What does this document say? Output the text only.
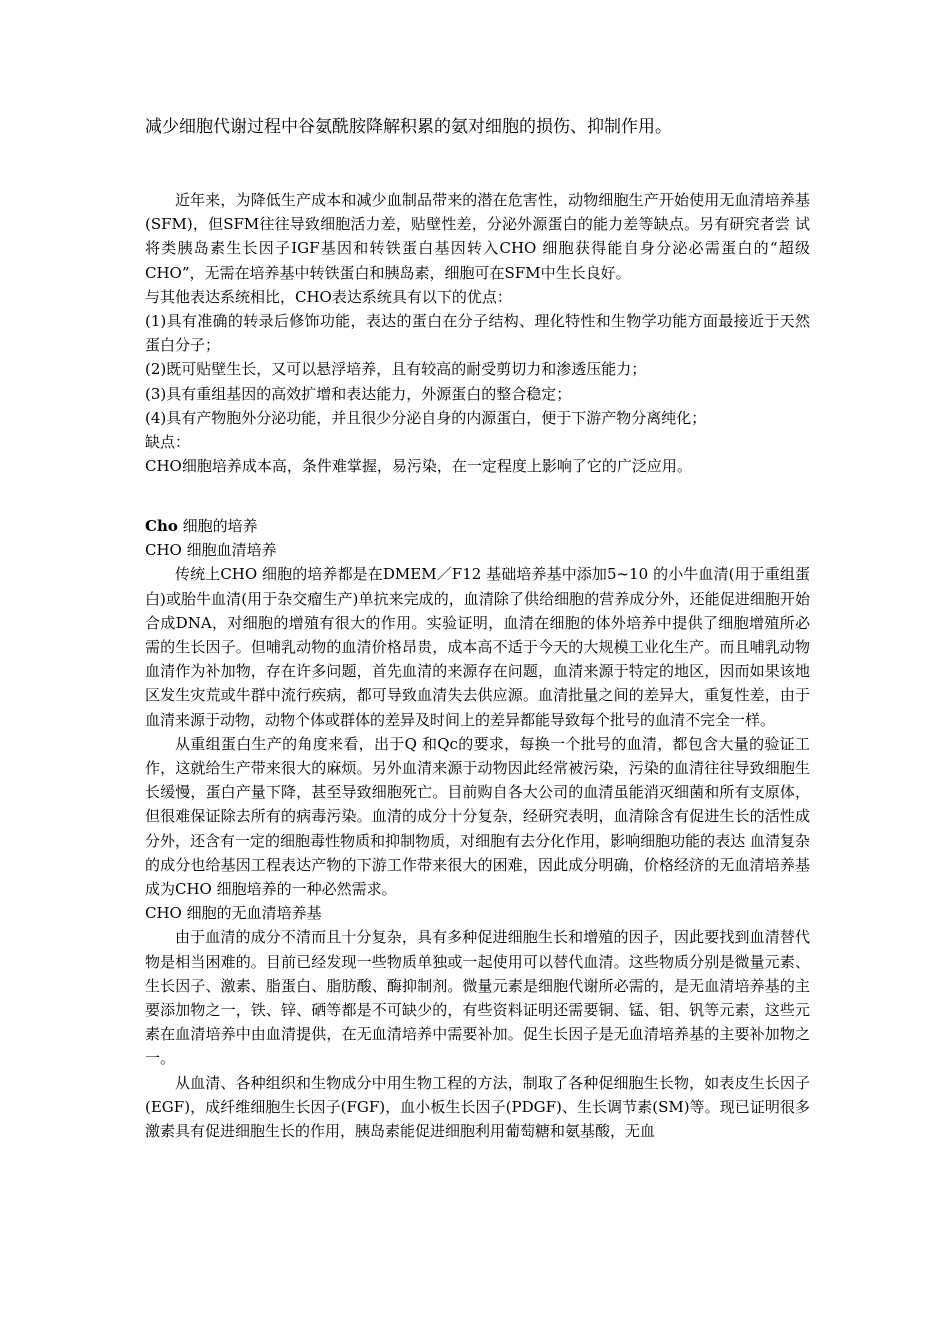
减少细胞代谢过程中谷氨酰胺降解积累的氨对细胞的损伤、抑制作用。

近年来，为降低生产成本和减少血制品带来的潜在危害性，动物细胞生产开始使用无血清培养基(SFM)，但SFM往往导致细胞活力差，贴壁性差，分泌外源蛋白的能力差等缺点。另有研究者尝 试将类胰岛素生长因子IGF基因和转铁蛋白基因转入CHO 细胞获得能自身分泌必需蛋白的“超级CHO”，无需在培养基中转铁蛋白和胰岛素，细胞可在SFM中生长良好。

与其他表达系统相比，CHO表达系统具有以下的优点：

(1)具有准确的转录后修饰功能，表达的蛋白在分子结构、理化特性和生物学功能方面最接近于天然蛋白分子；

(2)既可贴壁生长，又可以悬浮培养，且有较高的耐受剪切力和渗透压能力；

(3)具有重组基因的高效扩增和表达能力，外源蛋白的整合稳定；

(4)具有产物胞外分泌功能，并且很少分泌自身的内源蛋白，便于下游产物分离纯化；

缺点：

CHO细胞培养成本高，条件难掌握，易污染，在一定程度上影响了它的广泛应用。

Cho 细胞的培养

CHO 细胞血清培养

传统上CHO 细胞的培养都是在DMEM／F12 基础培养基中添加5~10 的小牛血清(用于重组蛋白)或胎牛血清(用于杂交瘤生产)单抗来完成的，血清除了供给细胞的营养成分外，还能促进细胞开始合成DNA，对细胞的增殖有很大的作用。实验证明，血清在细胞的体外培养中提供了细胞增殖所必需的生长因子。但哺乳动物的血清价格昂贵，成本高不适于今天的大规模工业化生产。而且哺乳动物血清作为补加物，存在许多问题，首先血清的来源存在问题，血清来源于特定的地区，因而如果该地区发生灾荒或牛群中流行疾病，都可导致血清失去供应源。血清批量之间的差异大，重复性差，由于血清来源于动物，动物个体或群体的差异及时间上的差异都能导致每个批号的血清不完全一样。

从重组蛋白生产的角度来看，出于Q 和Qc的要求，每换一个批号的血清，都包含大量的验证工作，这就给生产带来很大的麻烦。另外血清来源于动物因此经常被污染，污染的血清往往导致细胞生长缓慢，蛋白产量下降，甚至导致细胞死亡。目前购自各大公司的血清虽能消灭细菌和所有支原体，但很难保证除去所有的病毒污染。血清的成分十分复杂，经研究表明，血清除含有促进生长的活性成分外，还含有一定的细胞毒性物质和抑制物质，对细胞有去分化作用，影响细胞功能的表达 血清复杂的成分也给基因工程表达产物的下游工作带来很大的困难，因此成分明确，价格经济的无血清培养基成为CHO 细胞培养的一种必然需求。

CHO 细胞的无血清培养基

由于血清的成分不清而且十分复杂，具有多种促进细胞生长和增殖的因子，因此要找到血清替代物是相当困难的。目前已经发现一些物质单独或一起使用可以替代血清。这些物质分别是微量元素、生长因子、激素、脂蛋白、脂肪酸、酶抑制剂。微量元素是细胞代谢所必需的，是无血清培养基的主要添加物之一，铁、锌、硒等都是不可缺少的，有些资料证明还需要铜、锰、钼、钒等元素，这些元素在血清培养中由血清提供，在无血清培养中需要补加。促生长因子是无血清培养基的主要补加物之一。

从血清、各种组织和生物成分中用生物工程的方法，制取了各种促细胞生长物，如表皮生长因子(EGF)，成纤维细胞生长因子(FGF)，血小板生长因子(PDGF)、生长调节素(SM)等。现已证明很多激素具有促进细胞生长的作用，胰岛素能促进细胞利用葡萄糖和氨基酸，无血
